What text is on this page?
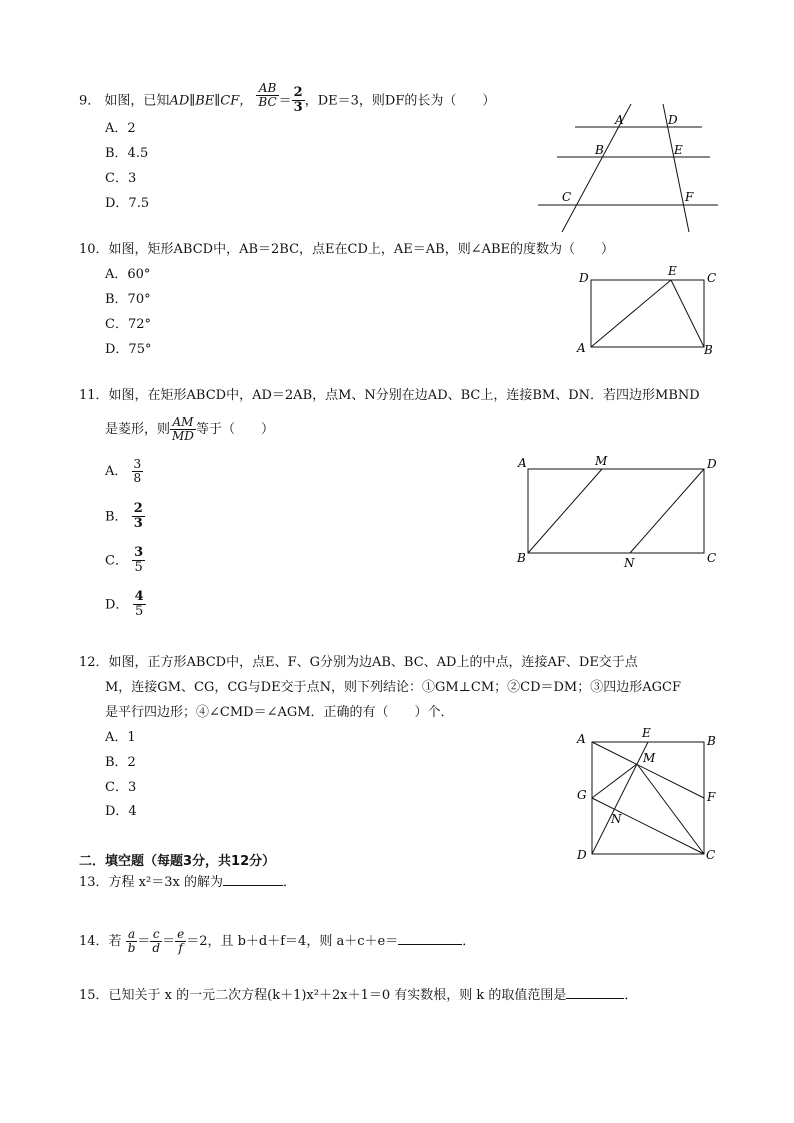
9． 如图，已知AD∥BE∥CF， $\frac{AB}{BC} = \frac{2}{3}$ ，DE＝3，则DF的长为（　　）
A．2
B．4.5
C．3
D．7.5
A	D
B	E
C	F
10．如图，矩形ABCD中，AB＝2BC，点E在CD上，AE＝AB，则∠ABE的度数为（　　）
A．60°
B．70°
C．72°
D．75°
D	E	C
A	B
11．如图，在矩形ABCD中，AD＝2AB，点M、N分别在边AD、BC上，连接BM、DN．若四边形MBND
是菱形，则 $\frac{AM}{MD}$ 等于（　　）
A． $\frac{3}{8}$
B． $\frac{2}{3}$
C． $\frac{3}{5}$
D． $\frac{4}{5}$
A	M	D
B	N	C
12．如图，正方形ABCD中，点E、F、G分别为边AB、BC、AD上的中点，连接AF、DE交于点
M，连接GM、CG，CG与DE交于点N，则下列结论：①GM⊥CM；②CD＝DM；③四边形AGCF
是平行四边形；④∠CMD＝∠AGM．正确的有（　　）个．
A．1
B．2
C．3
D．4
A	E
B
M
G	F
N
D	C
二．填空题（每题3分，共12分）
13．方程 x²＝3x 的解为	．
14．若 $\frac{a}{b} = \frac{c}{d} = \frac{e}{f} =2$，且 b＋d＋f＝4，则 a＋c＋e＝	．
15．已知关于 x 的一元二次方程(k＋1)x²＋2x＋1＝0 有实数根，则 k 的取值范围是	．
